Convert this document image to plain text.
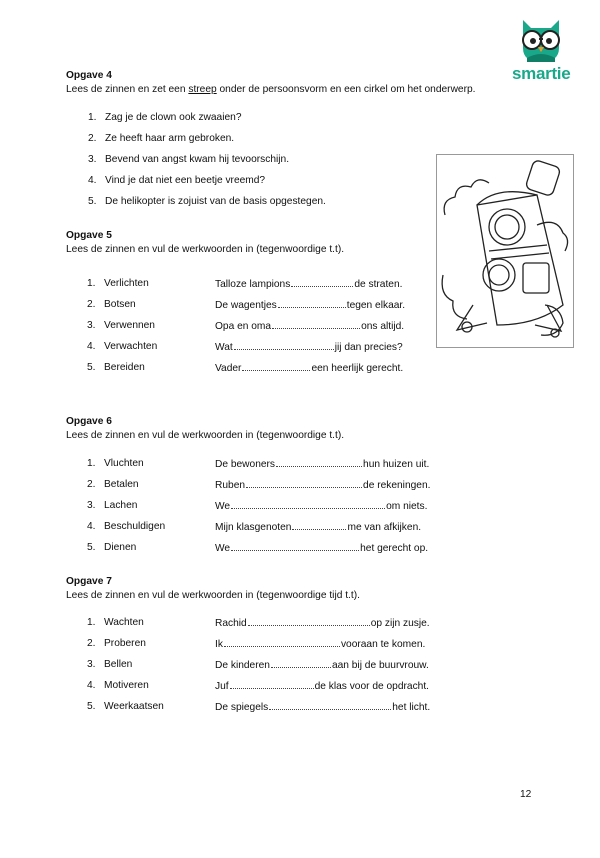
smartie
Opgave 4
Lees de zinnen en zet een streep onder de persoonsvorm en een cirkel om het onderwerp.
1. Zag je de clown ook zwaaien?
2. Ze heeft haar arm gebroken.
3. Bevend van angst kwam hij tevoorschijn.
4. Vind je dat niet een beetje vreemd?
5. De helikopter is zojuist van de basis opgestegen.
Opgave 5
Lees de zinnen en vul de werkwoorden in (tegenwoordige t.t).
1. Verlichten	Talloze lampions	de straten.
2. Botsen	De wagentjes	tegen elkaar.
3. Verwennen	Opa en oma	ons altijd.
4. Verwachten	Wat	jij dan precies?
5. Bereiden	Vader	een heerlijk gerecht.
Opgave 6
Lees de zinnen en vul de werkwoorden in (tegenwoordige t.t).
1. Vluchten	De bewoners	hun huizen uit.
2. Betalen	Ruben	de rekeningen.
3. Lachen	We	om niets.
4. Beschuldigen	Mijn klasgenoten	me van afkijken.
5. Dienen	We	het gerecht op.
Opgave 7
Lees de zinnen en vul de werkwoorden in (tegenwoordige tijd t.t).
1. Wachten	Rachid	op zijn zusje.
2. Proberen	Ik	vooraan te komen.
3. Bellen	De kinderen	aan bij de buurvrouw.
4. Motiveren	Juf	de klas voor de opdracht.
5. Weerkaatsen	De spiegels	het licht.
12
